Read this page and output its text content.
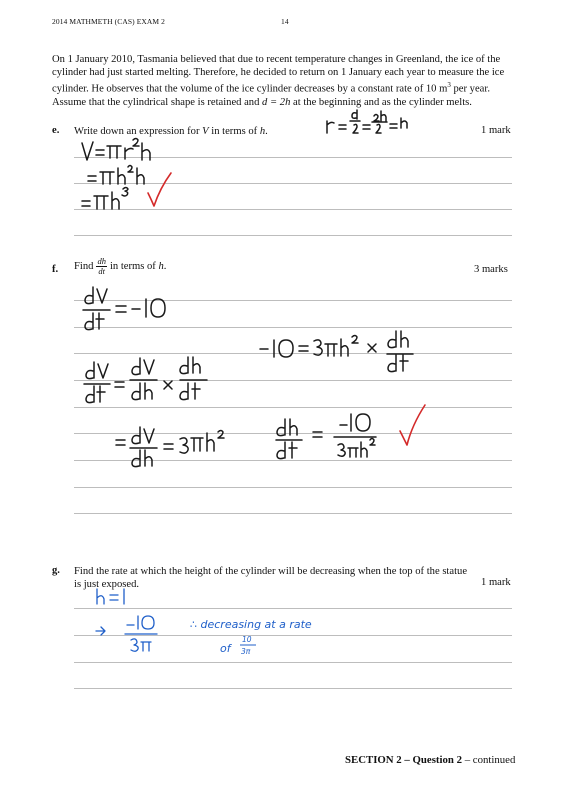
2014 MATHMETH (CAS) EXAM 2	14
On 1 January 2010, Tasmania believed that due to recent temperature changes in Greenland, the ice of the cylinder had just started melting. Therefore, he decided to return on 1 January each year to measure the ice cylinder. He observes that the volume of the ice cylinder decreases by a constant rate of 10 $m^3$ per year. Assume that the cylindrical shape is retained and d = 2h at the beginning and as the cylinder melts.
e. Write down an expression for V in terms of h.	1 mark
f. Find $\frac{dh}{dt}$ in terms of h.	3 marks
g. Find the rate at which the height of the cylinder will be decreasing when the top of the statue is just exposed.	1 mark
SECTION 2 – Question 2 – continued
∴ decreasing at a rate
of
10
3π
